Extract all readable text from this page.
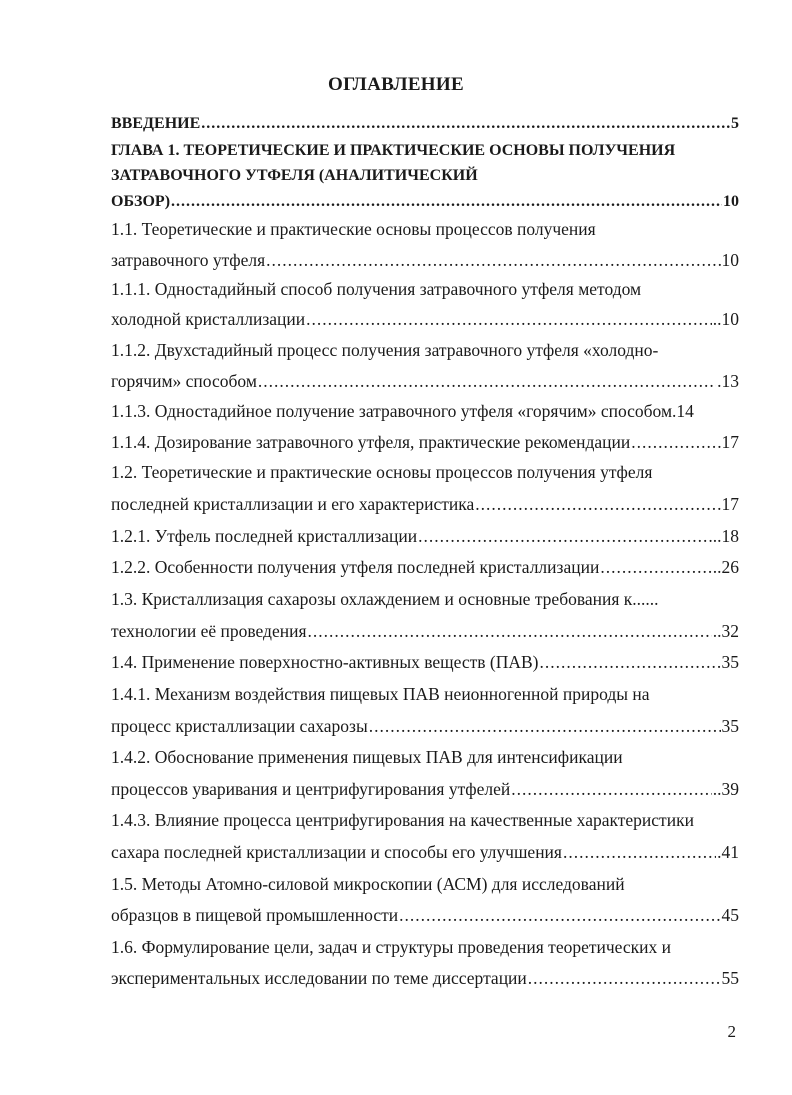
ОГЛАВЛЕНИЕ
ВВЕДЕНИЕ .....	5
ГЛАВА 1. ТЕОРЕТИЧЕСКИЕ И ПРАКТИЧЕСКИЕ ОСНОВЫ ПОЛУЧЕНИЯ
ЗАТРАВОЧНОГО УТФЕЛЯ (АНАЛИТИЧЕСКИЙ
ОБЗОР) .....	10
1.1. Теоретические и практические основы процессов получения
затравочного утфеля .....	10
1.1.1. Одностадийный способ получения затравочного утфеля методом
холодной кристаллизации .....	..10
1.1.2. Двухстадийный процесс получения затравочного утфеля «холодно-
горячим» способом .....	.13
1.1.3. Одностадийное получение затравочного утфеля «горячим» способом.14
1.1.4. Дозирование затравочного утфеля, практические рекомендации .....	17
1.2. Теоретические и практические основы процессов получения утфеля
последней кристаллизации и его характеристика .....	17
1.2.1. Утфель последней кристаллизации .....	..18
1.2.2. Особенности получения утфеля последней кристаллизации .....	..26
1.3. Кристаллизация сахарозы охлаждением и основные требования к......
технологии её проведения .....	..32
1.4. Применение поверхностно-активных веществ (ПАВ) .....	35
1.4.1. Механизм воздействия пищевых ПАВ неионногенной природы на
процесс кристаллизации сахарозы .....	35
1.4.2. Обоснование применения пищевых ПАВ для интенсификации
процессов уваривания и центрифугирования утфелей .....	..39
1.4.3. Влияние процесса центрифугирования на качественные характеристики
сахара последней кристаллизации и способы его улучшения .....	.41
1.5. Методы Атомно-силовой микроскопии (АСМ) для исследований
образцов в пищевой промышленности .....	45
1.6. Формулирование цели, задач и структуры проведения теоретических и
экспериментальных исследовании по теме диссертации .....	55
2
